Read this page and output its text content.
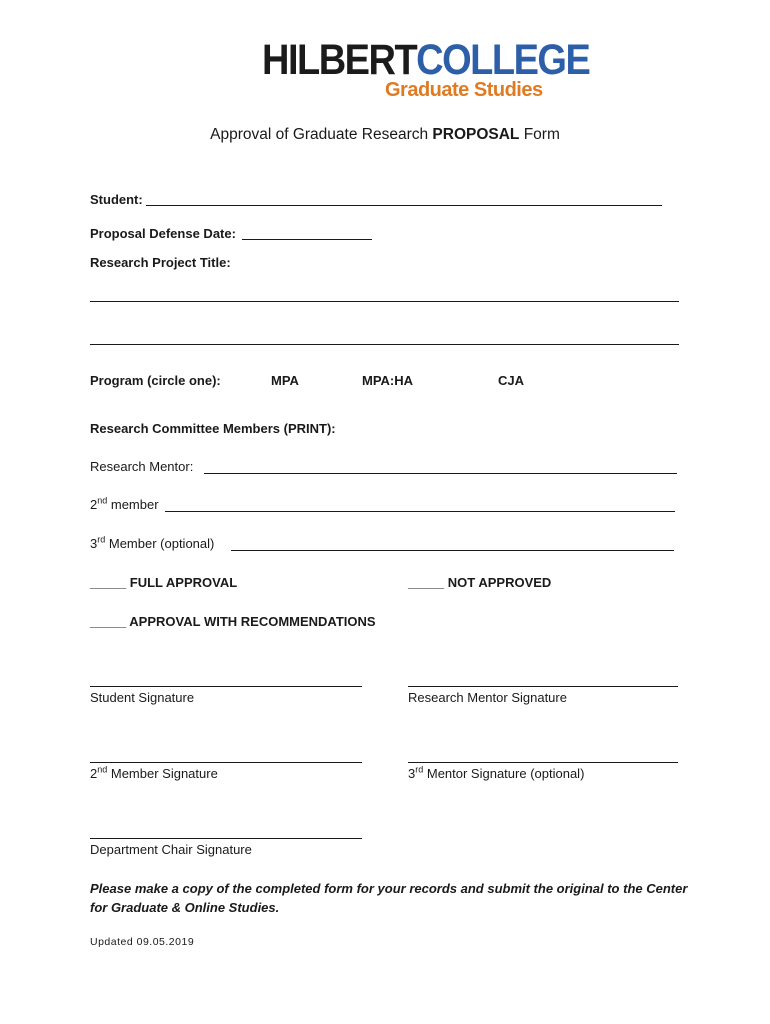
HILBERTCOLLEGE
Graduate Studies
Approval of Graduate Research PROPOSAL Form
Student:
Proposal Defense Date:
Research Project Title:
Program (circle one):	MPA	MPA:HA	CJA
Research Committee Members (PRINT):
Research Mentor:
2nd member
3rd Member (optional)
_____ FULL APPROVAL	_____ NOT APPROVED
_____ APPROVAL WITH RECOMMENDATIONS
Student Signature	Research Mentor Signature
2nd Member Signature	3rd Mentor Signature (optional)
Department Chair Signature
Please make a copy of the completed form for your records and submit the original to the Center for Graduate & Online Studies.
Updated 09.05.2019
